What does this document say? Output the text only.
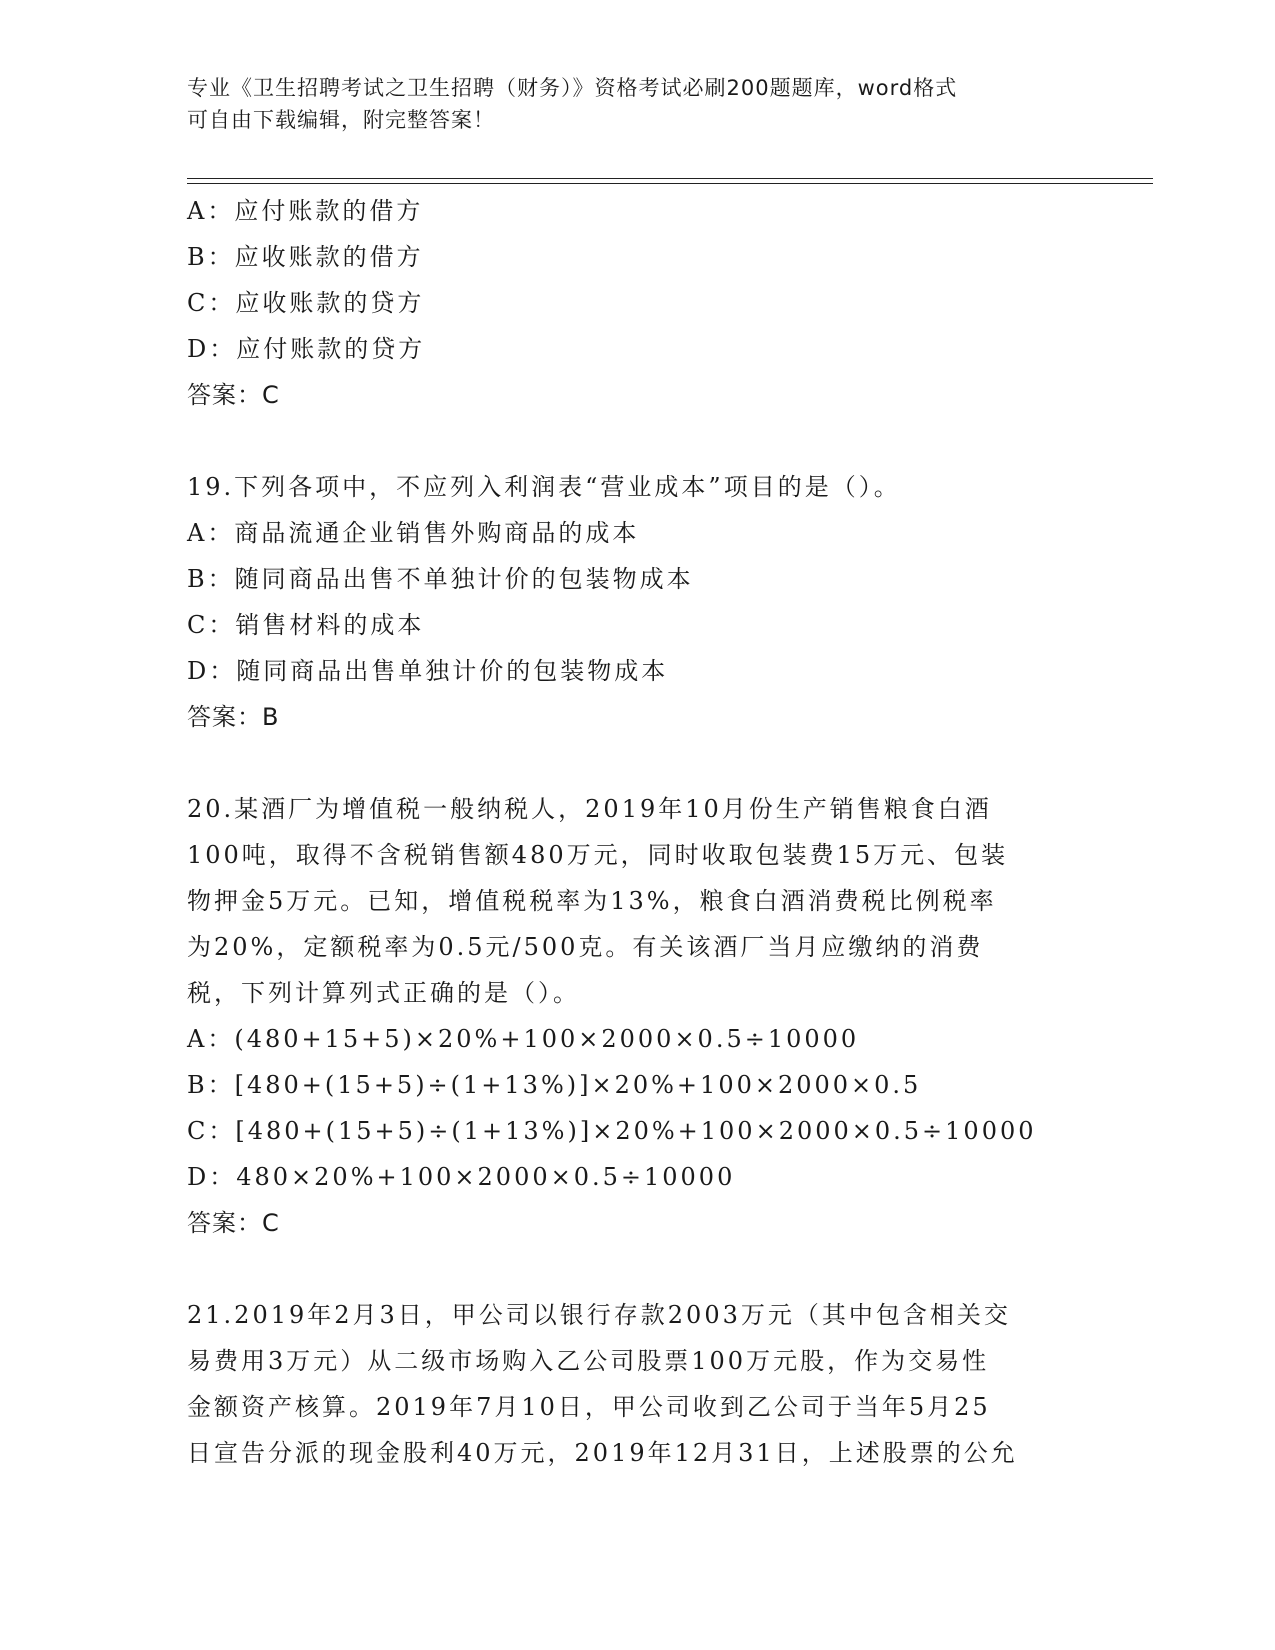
专业《卫生招聘考试之卫生招聘（财务）》资格考试必刷200题题库，word格式
可自由下载编辑，附完整答案！
A：应付账款的借方
B：应收账款的借方
C：应收账款的贷方
D：应付账款的贷方
答案：C
19.下列各项中，不应列入利润表“营业成本”项目的是（）。
A：商品流通企业销售外购商品的成本
B：随同商品出售不单独计价的包装物成本
C：销售材料的成本
D：随同商品出售单独计价的包装物成本
答案：B
20.某酒厂为增值税一般纳税人，2019年10月份生产销售粮食白酒
100吨，取得不含税销售额480万元，同时收取包装费15万元、包装
物押金5万元。已知，增值税税率为13%，粮食白酒消费税比例税率
为20%，定额税率为0.5元/500克。有关该酒厂当月应缴纳的消费
税，下列计算列式正确的是（）。
A：(480+15+5)×20%+100×2000×0.5÷10000
B：[480+(15+5)÷(1+13%)]×20%+100×2000×0.5
C：[480+(15+5)÷(1+13%)]×20%+100×2000×0.5÷10000
D：480×20%+100×2000×0.5÷10000
答案：C
21.2019年2月3日，甲公司以银行存款2003万元（其中包含相关交
易费用3万元）从二级市场购入乙公司股票100万元股，作为交易性
金额资产核算。2019年7月10日，甲公司收到乙公司于当年5月25
日宣告分派的现金股利40万元，2019年12月31日，上述股票的公允
